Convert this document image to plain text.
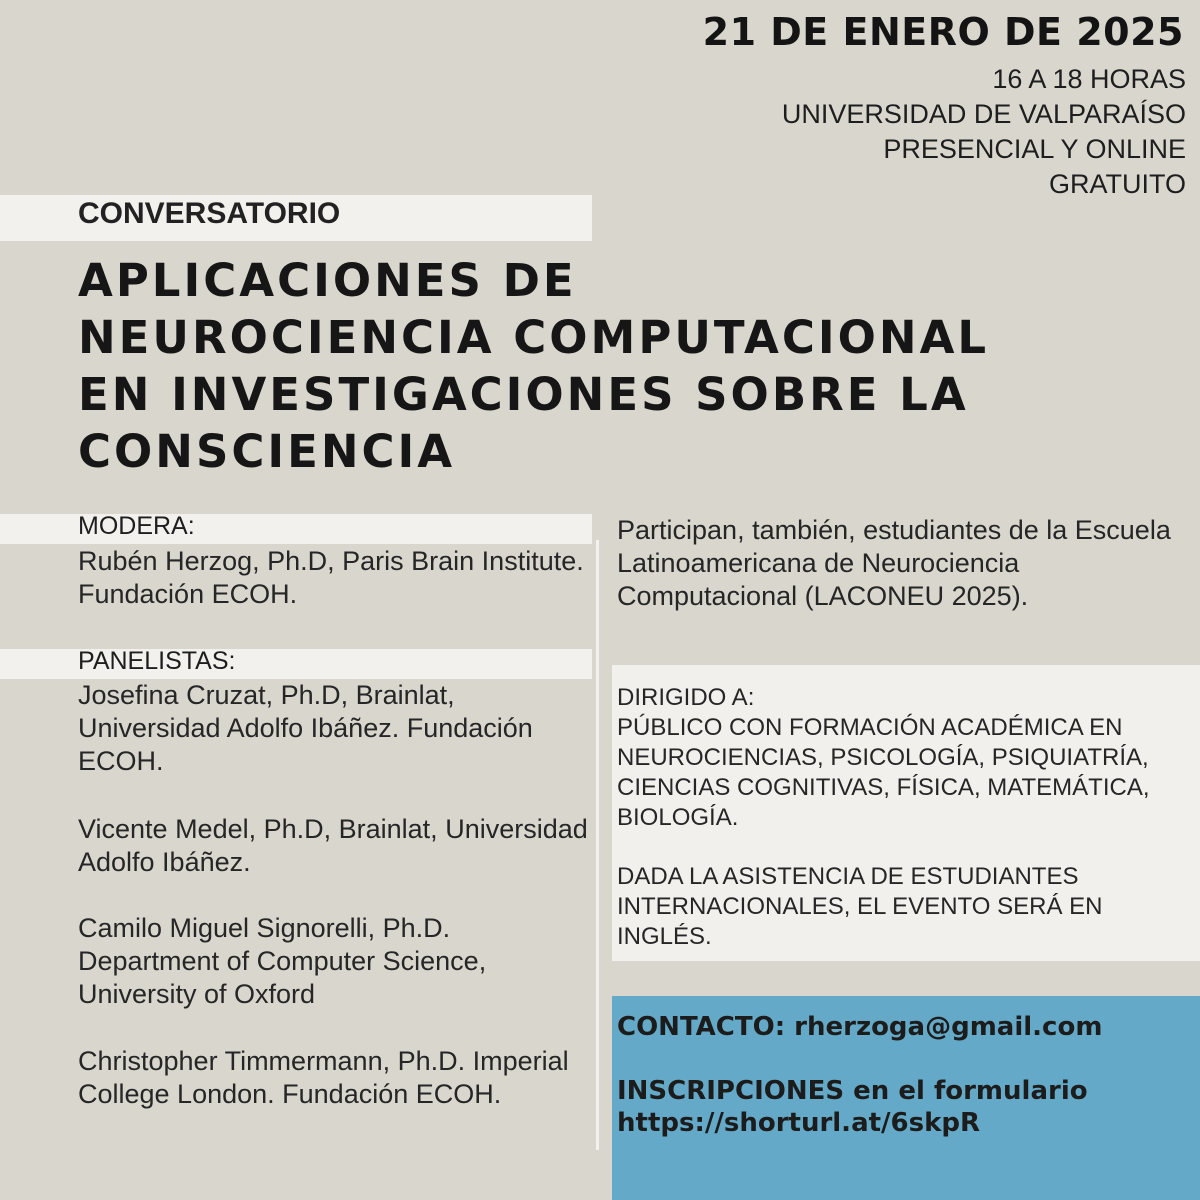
21 DE ENERO DE 2025
16 A 18 HORAS
UNIVERSIDAD DE VALPARAÍSO
PRESENCIAL Y ONLINE
GRATUITO
CONVERSATORIO
APLICACIONES DE
NEUROCIENCIA COMPUTACIONAL
EN INVESTIGACIONES SOBRE LA
CONSCIENCIA
MODERA:
Rubén Herzog, Ph.D, Paris Brain Institute. Fundación ECOH.
PANELISTAS:
Josefina Cruzat, Ph.D, Brainlat, Universidad Adolfo Ibáñez. Fundación ECOH.
Vicente Medel, Ph.D, Brainlat, Universidad Adolfo Ibáñez.
Camilo Miguel Signorelli, Ph.D. Department of Computer Science, University of Oxford
Christopher Timmermann, Ph.D. Imperial College London. Fundación ECOH.
Participan, también, estudiantes de la Escuela Latinoamericana de Neurociencia Computacional (LACONEU 2025).
DIRIGIDO A:
PÚBLICO CON FORMACIÓN ACADÉMICA EN NEUROCIENCIAS, PSICOLOGÍA, PSIQUIATRÍA, CIENCIAS COGNITIVAS, FÍSICA, MATEMÁTICA, BIOLOGÍA.
DADA LA ASISTENCIA DE ESTUDIANTES INTERNACIONALES, EL EVENTO SERÁ EN INGLÉS.
CONTACTO: rherzoga@gmail.com
INSCRIPCIONES en el formulario
https://shorturl.at/6skpR
